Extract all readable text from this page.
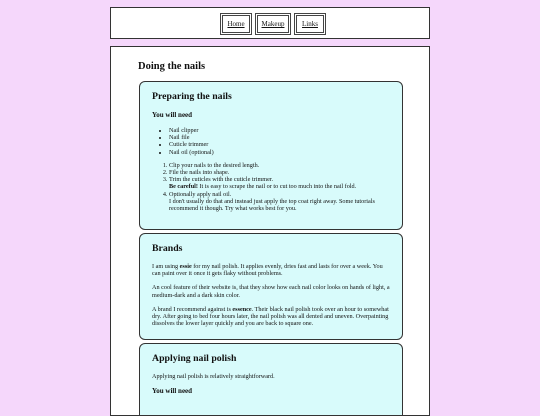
Home	Makeup	Links
Doing the nails
Preparing the nails
You will need
• Nail clipper
• Nail file
• Cuticle trimmer
• Nail oil (optional)
1. Clip your nails to the desired length.
2. File the nails into shape.
3. Trim the cuticles with the cuticle trimmer.
Be careful! It is easy to scrape the nail or to cut too much into the nail fold.
4. Optionally apply nail oil.
I don't usually do that and instead just apply the top coat right away. Some tutorials recommend it though. Try what works best for you.
Brands

I am using essie for my nail polish. It applies evenly, dries fast and lasts for over a week. You can paint over it once it gets flaky without problems.

An cool feature of their website is, that they show how each nail color looks on hands of light, a medium-dark and a dark skin color.

A brand I recommend against is essence. Their black nail polish took over an hour to somewhat dry. After going to bed four hours later, the nail polish was all dented and uneven. Overpainting dissolves the lower layer quickly and you are back to square one.

Applying nail polish

Applying nail polish is relatively straightforward.

You will need
